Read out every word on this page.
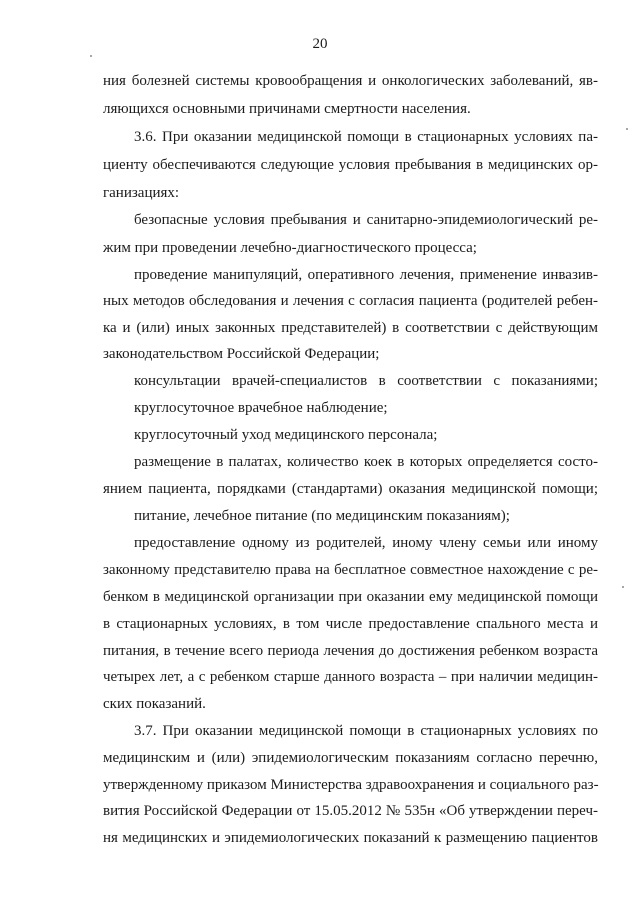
20
ния болезней системы кровообращения и онкологических заболеваний, яв-
ляющихся основными причинами смертности населения.
3.6. При оказании медицинской помощи в стационарных условиях па-
циенту обеспечиваются следующие условия пребывания в медицинских ор-
ганизациях:
безопасные условия пребывания и санитарно-эпидемиологический ре-
жим при проведении лечебно-диагностического процесса;
проведение манипуляций, оперативного лечения, применение инвазив-
ных методов обследования и лечения с согласия пациента (родителей ребен-
ка и (или) иных законных представителей) в соответствии с действующим
законодательством Российской Федерации;
консультации врачей-специалистов в соответствии с показаниями;
круглосуточное врачебное наблюдение;
круглосуточный уход медицинского персонала;
размещение в палатах, количество коек в которых определяется состо-
янием пациента, порядками (стандартами) оказания медицинской помощи;
питание, лечебное питание (по медицинским показаниям);
предоставление одному из родителей, иному члену семьи или иному
законному представителю права на бесплатное совместное нахождение с ре-
бенком в медицинской организации при оказании ему медицинской помощи
в стационарных условиях, в том числе предоставление спального места и
питания, в течение всего периода лечения до достижения ребенком возраста
четырех лет, а с ребенком старше данного возраста – при наличии медицин-
ских показаний.
3.7. При оказании медицинской помощи в стационарных условиях по
медицинским и (или) эпидемиологическим показаниям согласно перечню,
утвержденному приказом Министерства здравоохранения и социального раз-
вития Российской Федерации от 15.05.2012 № 535н «Об утверждении переч-
ня медицинских и эпидемиологических показаний к размещению пациентов
